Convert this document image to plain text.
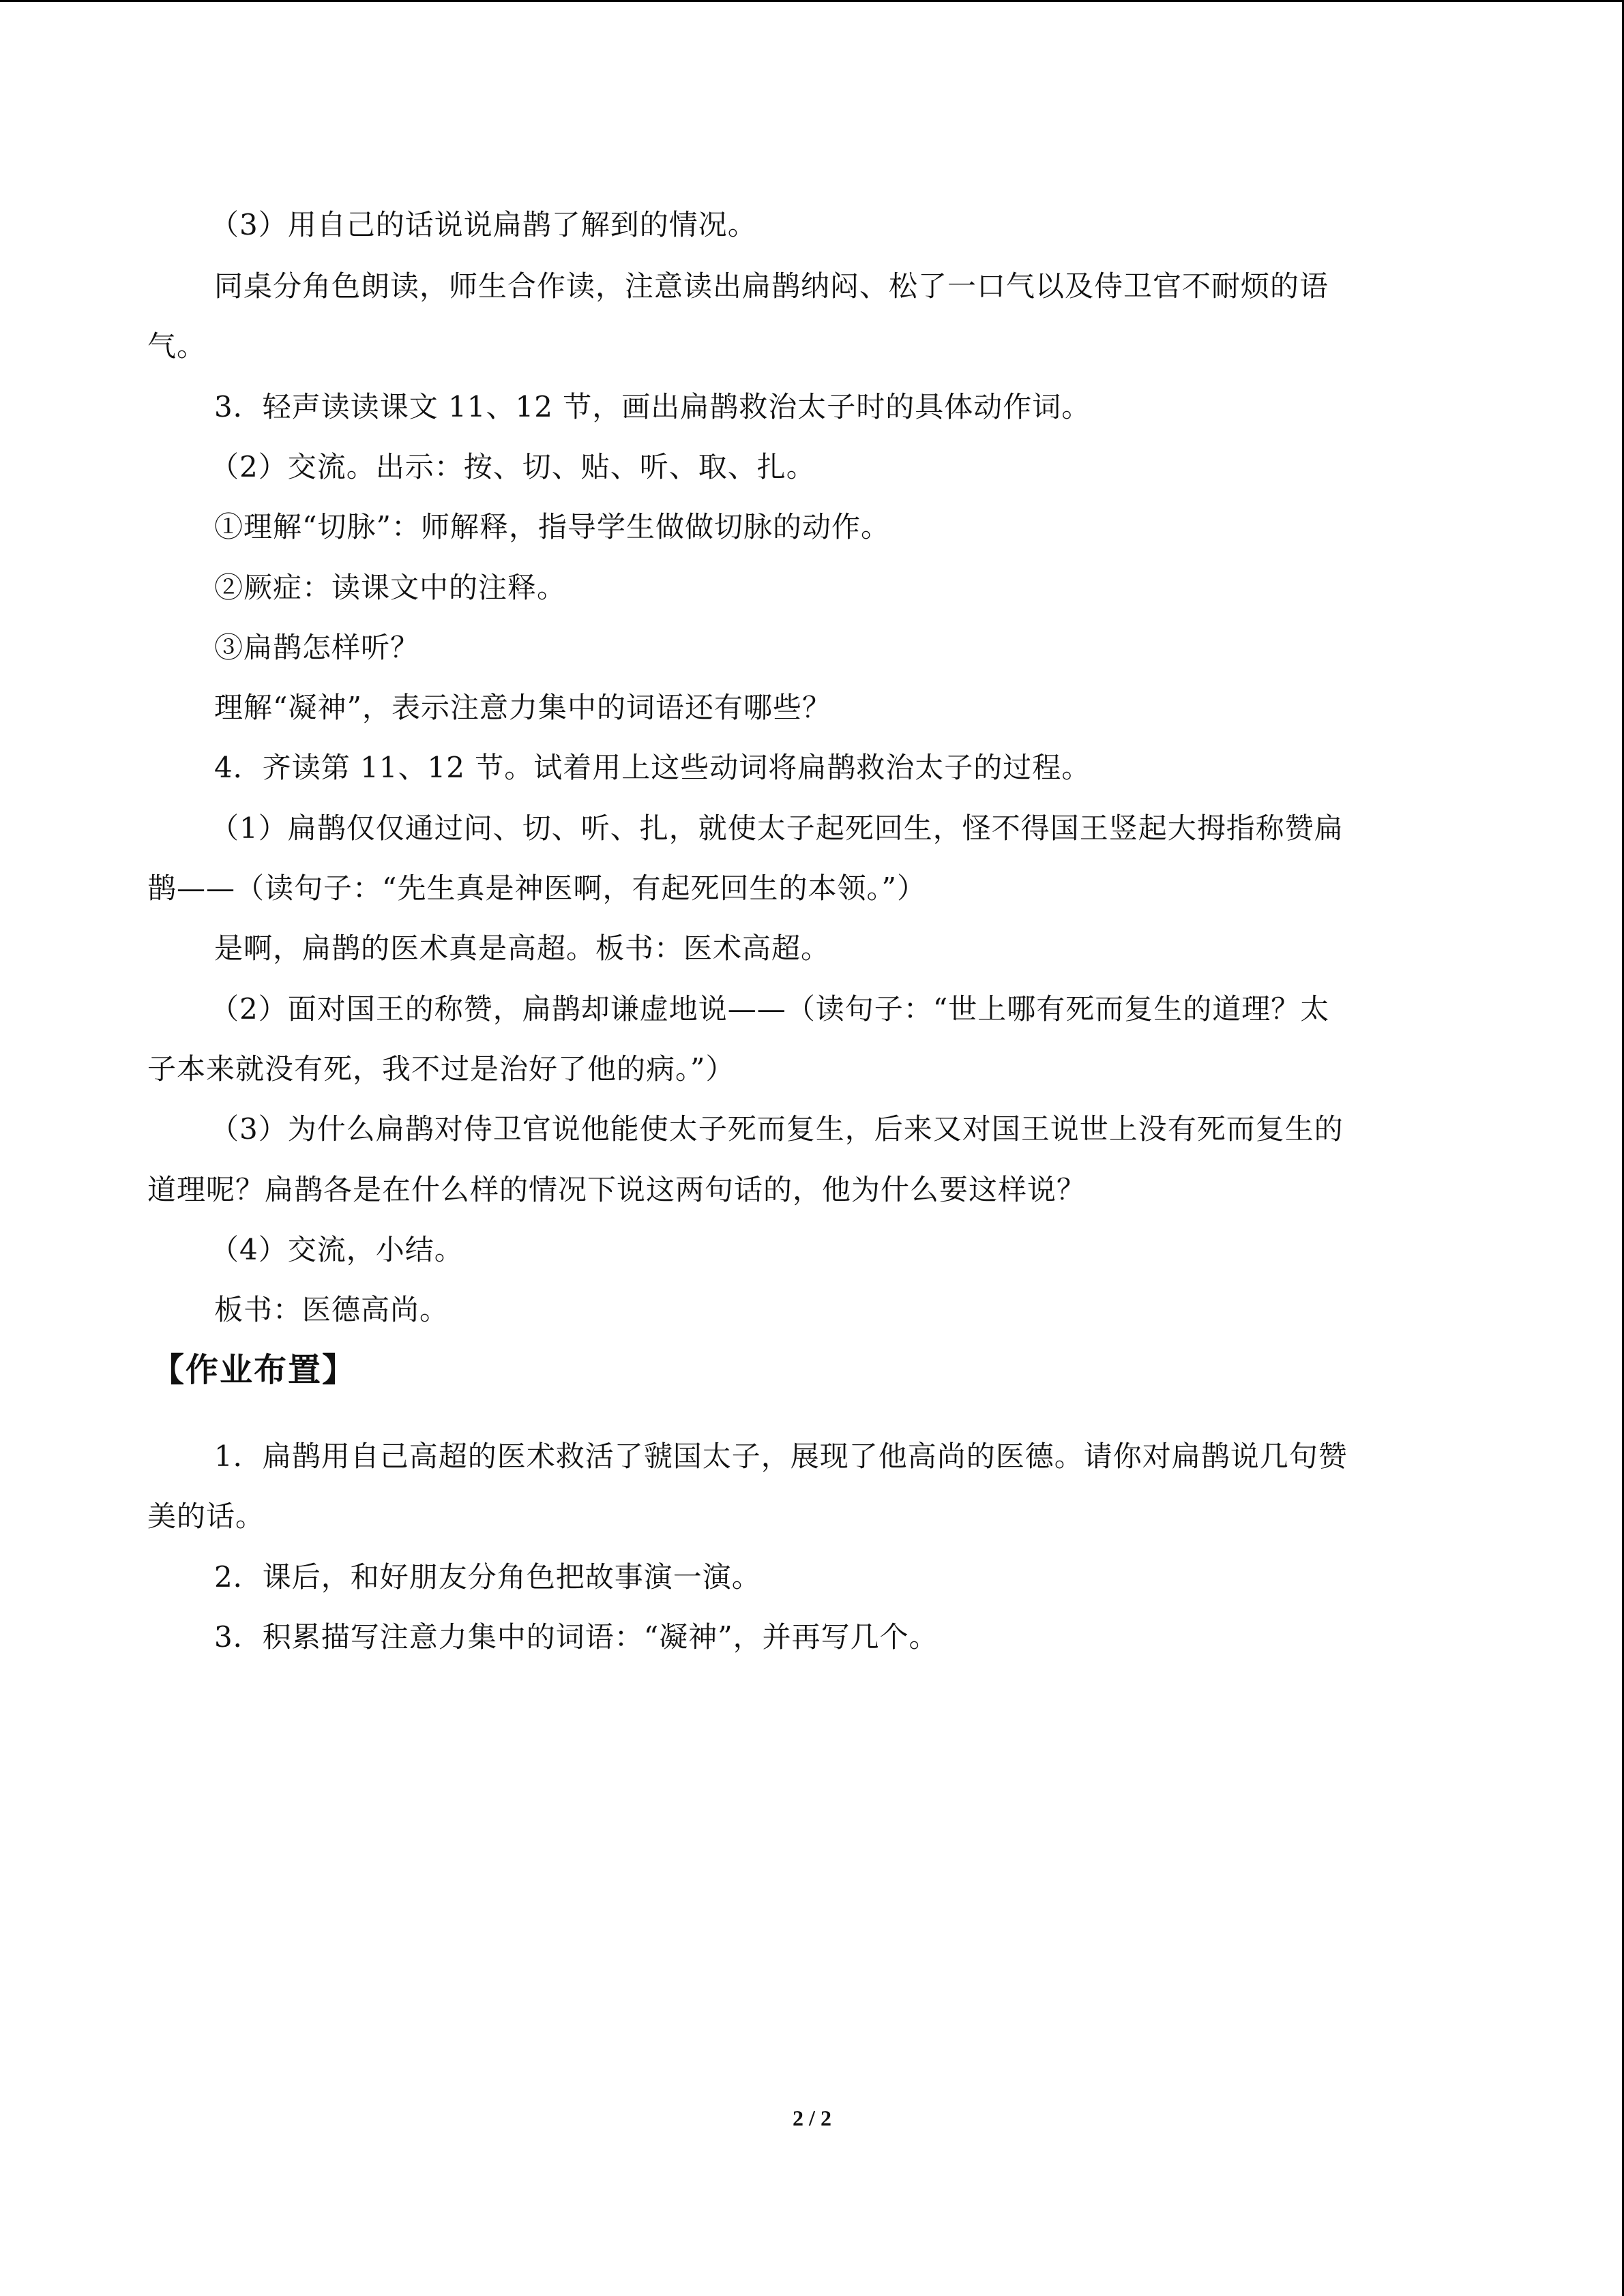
（3）用自己的话说说扁鹊了解到的情况。
同桌分角色朗读，师生合作读，注意读出扁鹊纳闷、松了一口气以及侍卫官不耐烦的语
气。
3．轻声读读课文 11、12 节，画出扁鹊救治太子时的具体动作词。
（2）交流。出示：按、切、贴、听、取、扎。
①理解“切脉”：师解释，指导学生做做切脉的动作。
②厥症：读课文中的注释。
③扁鹊怎样听？
理解“凝神”，表示注意力集中的词语还有哪些？
4．齐读第 11、12 节。试着用上这些动词将扁鹊救治太子的过程。
（1）扁鹊仅仅通过问、切、听、扎，就使太子起死回生，怪不得国王竖起大拇指称赞扁
鹊——（读句子：“先生真是神医啊，有起死回生的本领。”）
是啊，扁鹊的医术真是高超。板书：医术高超。
（2）面对国王的称赞，扁鹊却谦虚地说——（读句子：“世上哪有死而复生的道理？太
子本来就没有死，我不过是治好了他的病。”）
（3）为什么扁鹊对侍卫官说他能使太子死而复生，后来又对国王说世上没有死而复生的
道理呢？扁鹊各是在什么样的情况下说这两句话的，他为什么要这样说？
（4）交流，小结。
板书：医德高尚。
【作业布置】
1．扁鹊用自己高超的医术救活了虢国太子，展现了他高尚的医德。请你对扁鹊说几句赞
美的话。
2．课后，和好朋友分角色把故事演一演。
3．积累描写注意力集中的词语：“凝神”，并再写几个。
2 / 2
